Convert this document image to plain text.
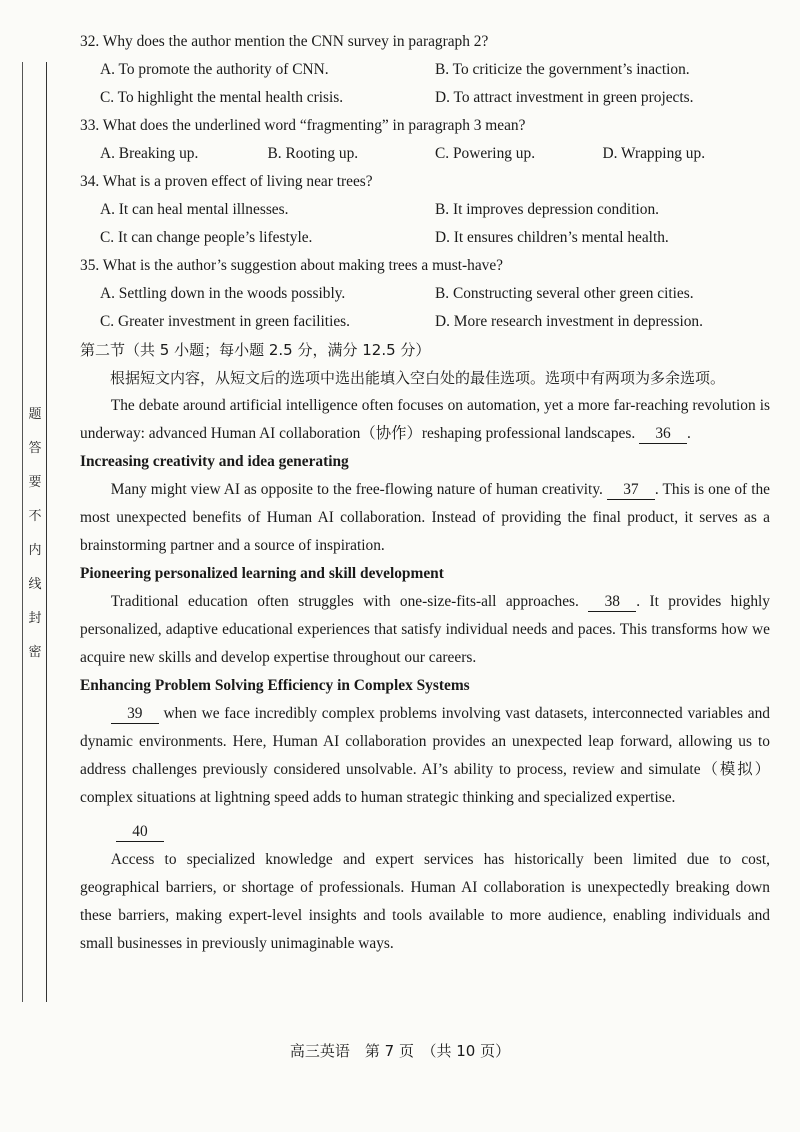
题
答
要
不
内
线
封
密
32. Why does the author mention the CNN survey in paragraph 2?
A. To promote the authority of CNN.	B. To criticize the government’s inaction.
C. To highlight the mental health crisis.	D. To attract investment in green projects.
33. What does the underlined word “fragmenting” in paragraph 3 mean?
A. Breaking up.	B. Rooting up.	C. Powering up.	D. Wrapping up.
34. What is a proven effect of living near trees?
A. It can heal mental illnesses.	B. It improves depression condition.
C. It can change people’s lifestyle.	D. It ensures children’s mental health.
35. What is the author’s suggestion about making trees a must-have?
A. Settling down in the woods possibly.	B. Constructing several other green cities.
C. Greater investment in green facilities.	D. More research investment in depression.
第二节（共 5 小题；每小题 2.5 分，满分 12.5 分）
根据短文内容，从短文后的选项中选出能填入空白处的最佳选项。选项中有两项为多余选项。
The debate around artificial intelligence often focuses on automation, yet a more far-reaching revolution is underway: advanced Human AI collaboration（协作）reshaping professional landscapes. 36 .
Increasing creativity and idea generating
Many might view AI as opposite to the free-flowing nature of human creativity. 37 . This is one of the most unexpected benefits of Human AI collaboration. Instead of providing the final product, it serves as a brainstorming partner and a source of inspiration.
Pioneering personalized learning and skill development
Traditional education often struggles with one-size-fits-all approaches. 38 . It provides highly personalized, adaptive educational experiences that satisfy individual needs and paces. This transforms how we acquire new skills and develop expertise throughout our careers.
Enhancing Problem Solving Efficiency in Complex Systems
39 when we face incredibly complex problems involving vast datasets, interconnected variables and dynamic environments. Here, Human AI collaboration provides an unexpected leap forward, allowing us to address challenges previously considered unsolvable. AI’s ability to process, review and simulate（模拟）complex situations at lightning speed adds to human strategic thinking and specialized expertise.
40
Access to specialized knowledge and expert services has historically been limited due to cost, geographical barriers, or shortage of professionals. Human AI collaboration is unexpectedly breaking down these barriers, making expert-level insights and tools available to more audience, enabling individuals and small businesses in previously unimaginable ways.
高三英语　第 7 页　（共 10 页）
